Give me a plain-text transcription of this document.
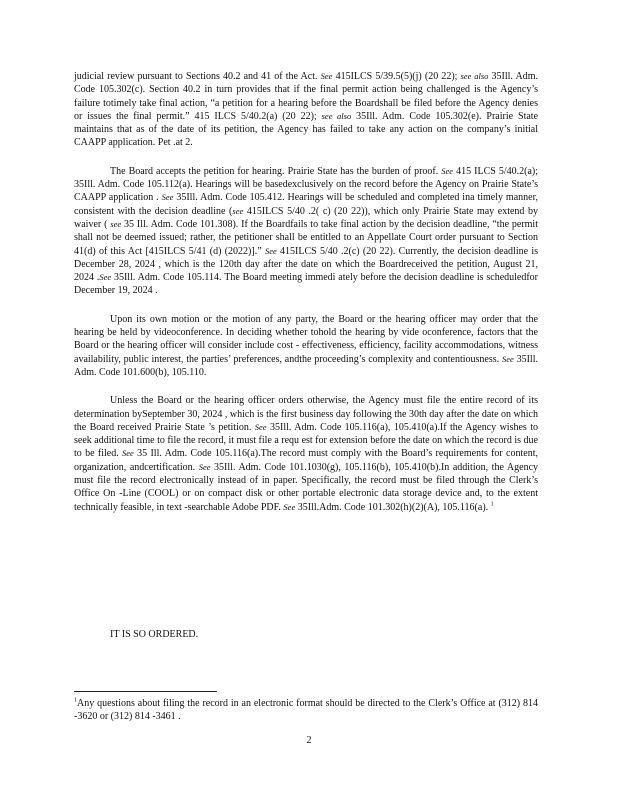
judicial review pursuant to Sections 40.2 and 41 of the Act. See 415ILCS 5/39.5(5)(j) (20 22); see also 35Ill. Adm. Code 105.302(c). Section 40.2 in turn provides that if the final permit action being challenged is the Agency’s failure totimely take final action, “a petition for a hearing before the Boardshall be filed before the Agency denies or issues the final permit.” 415 ILCS 5/40.2(a) (20 22); see also 35Ill. Adm. Code 105.302(e). Prairie State maintains that as of the date of its petition, the Agency has failed to take any action on the company’s initial CAAPP application. Pet .at 2.

The Board accepts the petition for hearing. Prairie State has the burden of proof. See 415 ILCS 5/40.2(a); 35Ill. Adm. Code 105.112(a). Hearings will be basedexclusively on the record before the Agency on Prairie State’s CAAPP application . See 35Ill. Adm. Code 105.412. Hearings will be scheduled and completed ina timely manner, consistent with the decision deadline (see 415ILCS 5/40 .2( c) (20 22)), which only Prairie State may extend by waiver ( see 35 Ill. Adm. Code 101.308). If the Boardfails to take final action by the decision deadline, “the permit shall not be deemed issued; rather, the petitioner shall be entitled to an Appellate Court order pursuant to Section 41(d) of this Act [415ILCS 5/41 (d) (2022)].” See 415ILCS 5/40 .2(c) (20 22). Currently, the decision deadline is December 28, 2024 , which is the 120th day after the date on which the Boardreceived the petition, August 21, 2024 .See 35Ill. Adm. Code 105.114. The Board meeting immedi ately before the decision deadline is scheduledfor December 19, 2024 .

Upon its own motion or the motion of any party, the Board or the hearing officer may order that the hearing be held by videoconference. In deciding whether tohold the hearing by vide oconference, factors that the Board or the hearing officer will consider include cost - effectiveness, efficiency, facility accommodations, witness availability, public interest, the parties’ preferences, andthe proceeding’s complexity and contentiousness. See 35Ill. Adm. Code 101.600(b), 105.110.

Unless the Board or the hearing officer orders otherwise, the Agency must file the entire record of its determination bySeptember 30, 2024 , which is the first business day following the 30th day after the date on which the Board received Prairie State ’s petition. See 35Ill. Adm. Code 105.116(a), 105.410(a).If the Agency wishes to seek additional time to file the record, it must file a requ est for extension before the date on which the record is due to be filed. See 35 Ill. Adm. Code 105.116(a).The record must comply with the Board’s requirements for content, organization, andcertification. See 35Ill. Adm. Code 101.1030(g), 105.116(b), 105.410(b).In addition, the Agency must file the record electronically instead of in paper. Specifically, the record must be filed through the Clerk’s Office On -Line (COOL) or on compact disk or other portable electronic data storage device and, to the extent technically feasible, in text -searchable Adobe PDF. See 35Ill.Adm. Code 101.302(h)(2)(A), 105.116(a). $^1$

IT IS SO ORDERED.
$^1$Any questions about filing the record in an electronic format should be directed to the Clerk’s Office at (312) 814 -3620 or (312) 814 -3461 .
2
